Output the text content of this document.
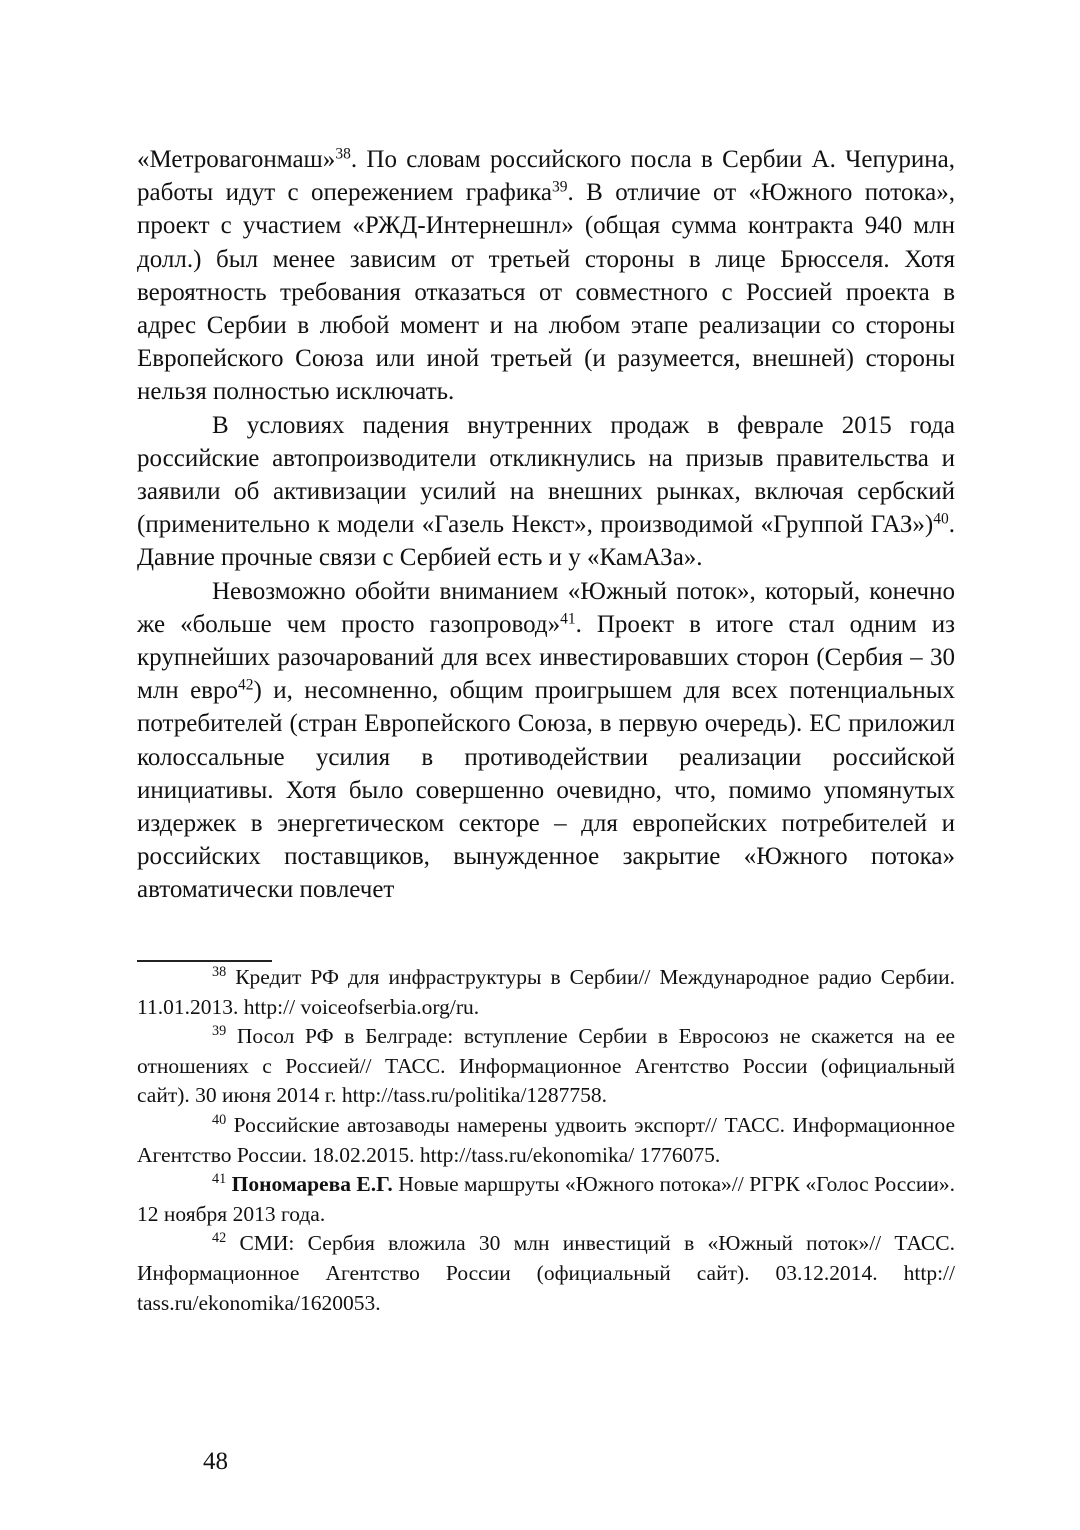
«Метровагонмаш»$^{38}$. По словам российского посла в Сербии А. Чепурина, работы идут с опережением графика$^{39}$. В отличие от «Южного потока», проект с участием «РЖД-Интернешнл» (общая сумма контракта 940 млн долл.) был менее зависим от третьей стороны в лице Брюсселя. Хотя вероятность требования отказаться от совместного с Россией проекта в адрес Сербии в любой момент и на любом этапе реализации со стороны Европейского Союза или иной третьей (и разумеется, внешней) стороны нельзя полностью исключать.

В условиях падения внутренних продаж в феврале 2015 года российские автопроизводители откликнулись на призыв правительства и заявили об активизации усилий на внешних рынках, включая сербский (применительно к модели «Газель Некст», производимой «Группой ГАЗ»)$^{40}$. Давние прочные связи с Сербией есть и у «КамАЗа».

Невозможно обойти вниманием «Южный поток», который, конечно же «больше чем просто газопровод»$^{41}$. Проект в итоге стал одним из крупнейших разочарований для всех инвестировавших сторон (Сербия – 30 млн евро$^{42}$) и, несомненно, общим проигрышем для всех потенциальных потребителей (стран Европейского Союза, в первую очередь). ЕС приложил колоссальные усилия в противодействии реализации российской инициативы. Хотя было совершенно очевидно, что, помимо упомянутых издержек в энергетическом секторе – для европейских потребителей и российских поставщиков, вынужденное закрытие «Южного потока» автоматически повлечет

$^{38}$ Кредит РФ для инфраструктуры в Сербии// Международное радио Сербии. 11.01.2013. http:// voiceofserbia.org/ru.

$^{39}$ Посол РФ в Белграде: вступление Сербии в Евросоюз не скажется на ее отношениях с Россией// ТАСС. Информационное Агентство России (официальный сайт). 30 июня 2014 г. http://tass.ru/politika/1287758.

$^{40}$ Российские автозаводы намерены удвоить экспорт// ТАСС. Информационное Агентство России. 18.02.2015. http://tass.ru/ekonomika/ 1776075.

$^{41}$ Пономарева Е.Г. Новые маршруты «Южного потока»// РГРК «Голос России». 12 ноября 2013 года.

$^{42}$ СМИ: Сербия вложила 30 млн инвестиций в «Южный поток»// ТАСС. Информационное Агентство России (официальный сайт). 03.12.2014. http:// tass.ru/ekonomika/1620053.

48
